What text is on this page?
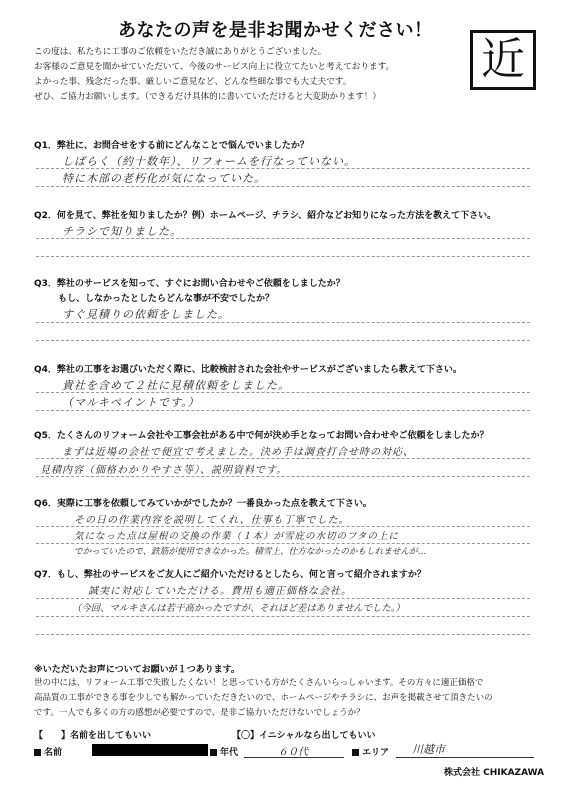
あなたの声を是非お聞かせください！
近
この度は、私たちに工事のご依頼をいただき誠にありがとうございました。
お客様のご意見を聞かせていただいて、今後のサービス向上に役立てたいと考えております。
よかった事、残念だった事、厳しいご意見など、どんな些細な事でも大丈夫です。
ぜひ、ご協力お願いします。（できるだけ具体的に書いていただけると大変助かります！）
Q1．弊社に、お問合せをする前にどんなことで悩んでいましたか？
しばらく（約十数年）、リフォームを行なっていない。
特に木部の老朽化が気になっていた。
Q2．何を見て、弊社を知りましたか？例）ホームページ、チラシ、紹介などお知りになった方法を教えて下さい。
チラシで知りました。
Q3．弊社のサービスを知って、すぐにお問い合わせやご依頼をしましたか？
もし、しなかったとしたらどんな事が不安でしたか？
すぐ見積りの依頼をしました。
Q4．弊社の工事をお選びいただく際に、比較検討された会社やサービスがございましたら教えて下さい。
貴社を含めて２社に見積依頼をしました。
（マルキペイントです。）
Q5．たくさんのリフォーム会社や工事会社がある中で何が決め手となってお問い合わせやご依頼をしましたか？
まずは近場の会社で便宜で考えました。決め手は調査打合せ時の対応、
見積内容（価格わかりやすさ等）、説明資料です。
Q6．実際に工事を依頼してみていかがでしたか？一番良かった点を教えて下さい。
その日の作業内容を説明してくれ、仕事も丁寧でした。
気になった点は屋根の交換の作業（１本）が雪庇の水切のフタの上に
でかっていたので、鉄筋が使用できなかった。積雪上、仕方なかったのかもしれませんが…
Q7．もし、弊社のサービスをご友人にご紹介いただけるとしたら、何と言って紹介されますか？
誠実に対応していただける。費用も適正価格な会社。
（今回、マルキさんは若干高かったですが、それほど差はありませんでした。）
※いただいたお声についてお願いが１つあります。
世の中には、リフォーム工事で失敗したくない！と思っている方がたくさんいらっしゃいます。その方々に適正価格で
高品質の工事ができる事を少しでも解かっていただきたいので、ホームページやチラシに、お声を掲載させて頂きたいの
です。一人でも多くの方の感想が必要ですので、是非ご協力いただけないでしょうか？
【　　】名前を出してもいい	【〇】イニシャルなら出してもいい
名前	年代	６０代	エリア 川越市
株式会社 CHIKAZAWA
